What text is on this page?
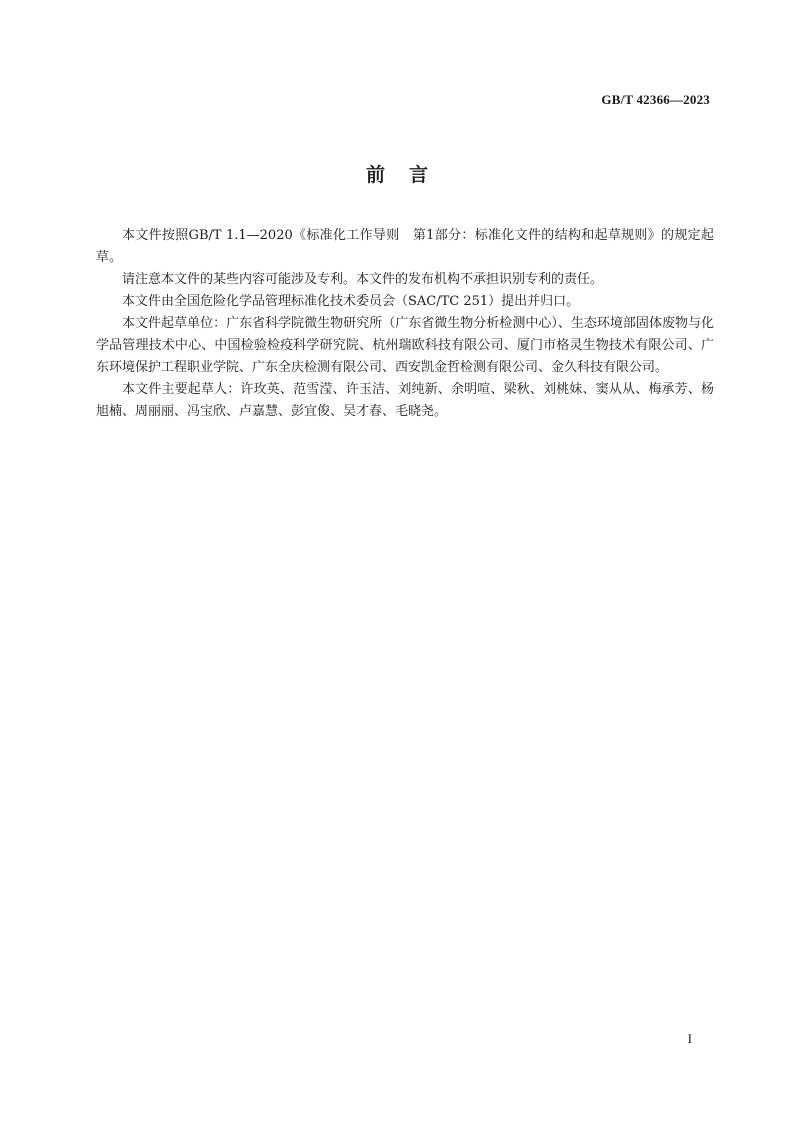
GB/T 42366—2023
前言

本文件按照GB/T 1.1—2020《标准化工作导则　第1部分：标准化文件的结构和起草规则》的规定起草。

请注意本文件的某些内容可能涉及专利。本文件的发布机构不承担识别专利的责任。

本文件由全国危险化学品管理标准化技术委员会（SAC/TC 251）提出并归口。

本文件起草单位：广东省科学院微生物研究所（广东省微生物分析检测中心）、生态环境部固体废物与化学品管理技术中心、中国检验检疫科学研究院、杭州瑞欧科技有限公司、厦门市格灵生物技术有限公司、广东环境保护工程职业学院、广东全庆检测有限公司、西安凯金哲检测有限公司、金久科技有限公司。

本文件主要起草人：许玫英、范雪滢、许玉洁、刘纯新、余明喧、梁秋、刘桃妹、窦从从、梅承芳、杨旭楠、周丽丽、冯宝欣、卢嘉慧、彭宜俊、吴才春、毛晓尧。

I
